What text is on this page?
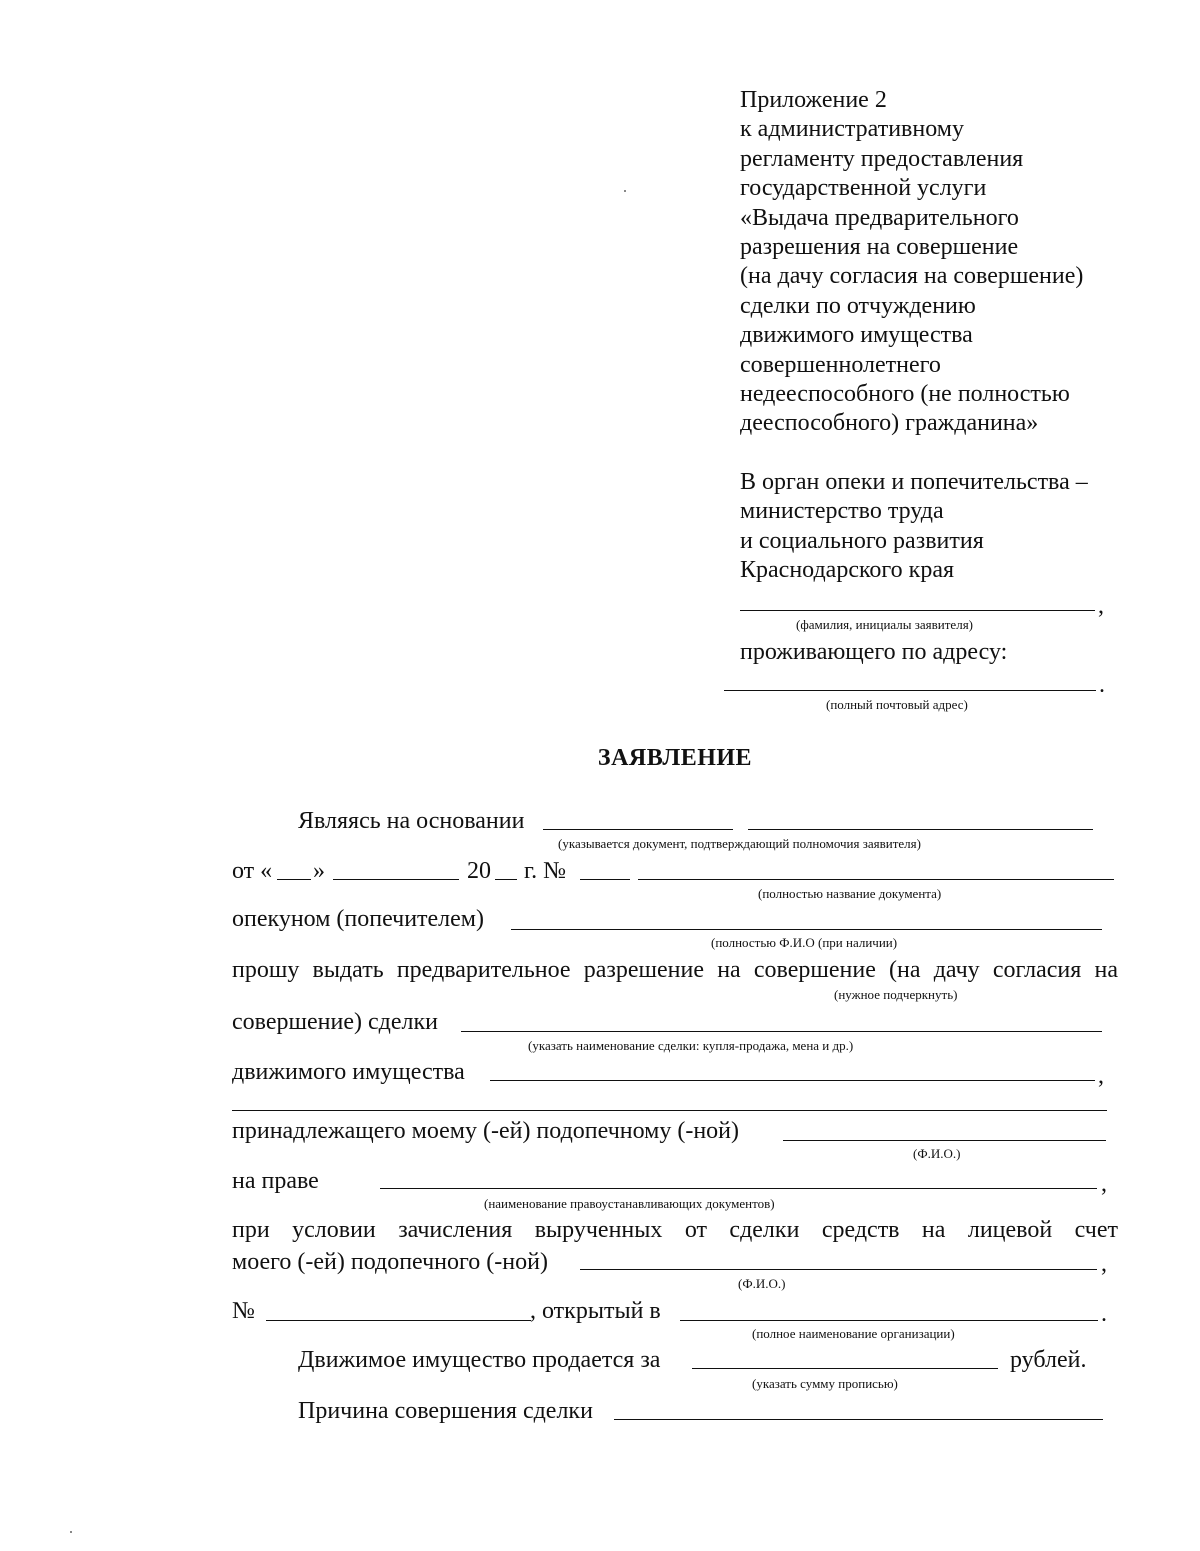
Приложение 2
к административному
регламенту предоставления
государственной услуги
«Выдача предварительного
разрешения на совершение
(на дачу согласия на совершение)
сделки по отчуждению
движимого имущества
совершеннолетнего
недееспособного (не полностью
дееспособного) гражданина»
В орган опеки и попечительства –
министерство труда
и социального развития
Краснодарского края
,
(фамилия, инициалы заявителя)
проживающего по адресу:
.
(полный почтовый адрес)
ЗАЯВЛЕНИЕ
Являясь на основании
(указывается документ, подтверждающий полномочия заявителя)
от « »	20 г. №
(полностью название документа)
опекуном (попечителем)
(полностью Ф.И.О (при наличии)
прошу выдать предварительное разрешение на совершение (на дачу согласия на
(нужное подчеркнуть)
совершение) сделки
(указать наименование сделки: купля-продажа, мена и др.)
движимого имущества	,
принадлежащего моему (-ей) подопечному (-ной)
(Ф.И.О.)
на праве	,
(наименование правоустанавливающих документов)
при условии зачисления вырученных от сделки средств на лицевой счет
моего (-ей) подопечного (-ной)	,
(Ф.И.О.)
№	, открытый в	.
(полное наименование организации)
Движимое имущество продается за	рублей.
(указать сумму прописью)
Причина совершения сделки
